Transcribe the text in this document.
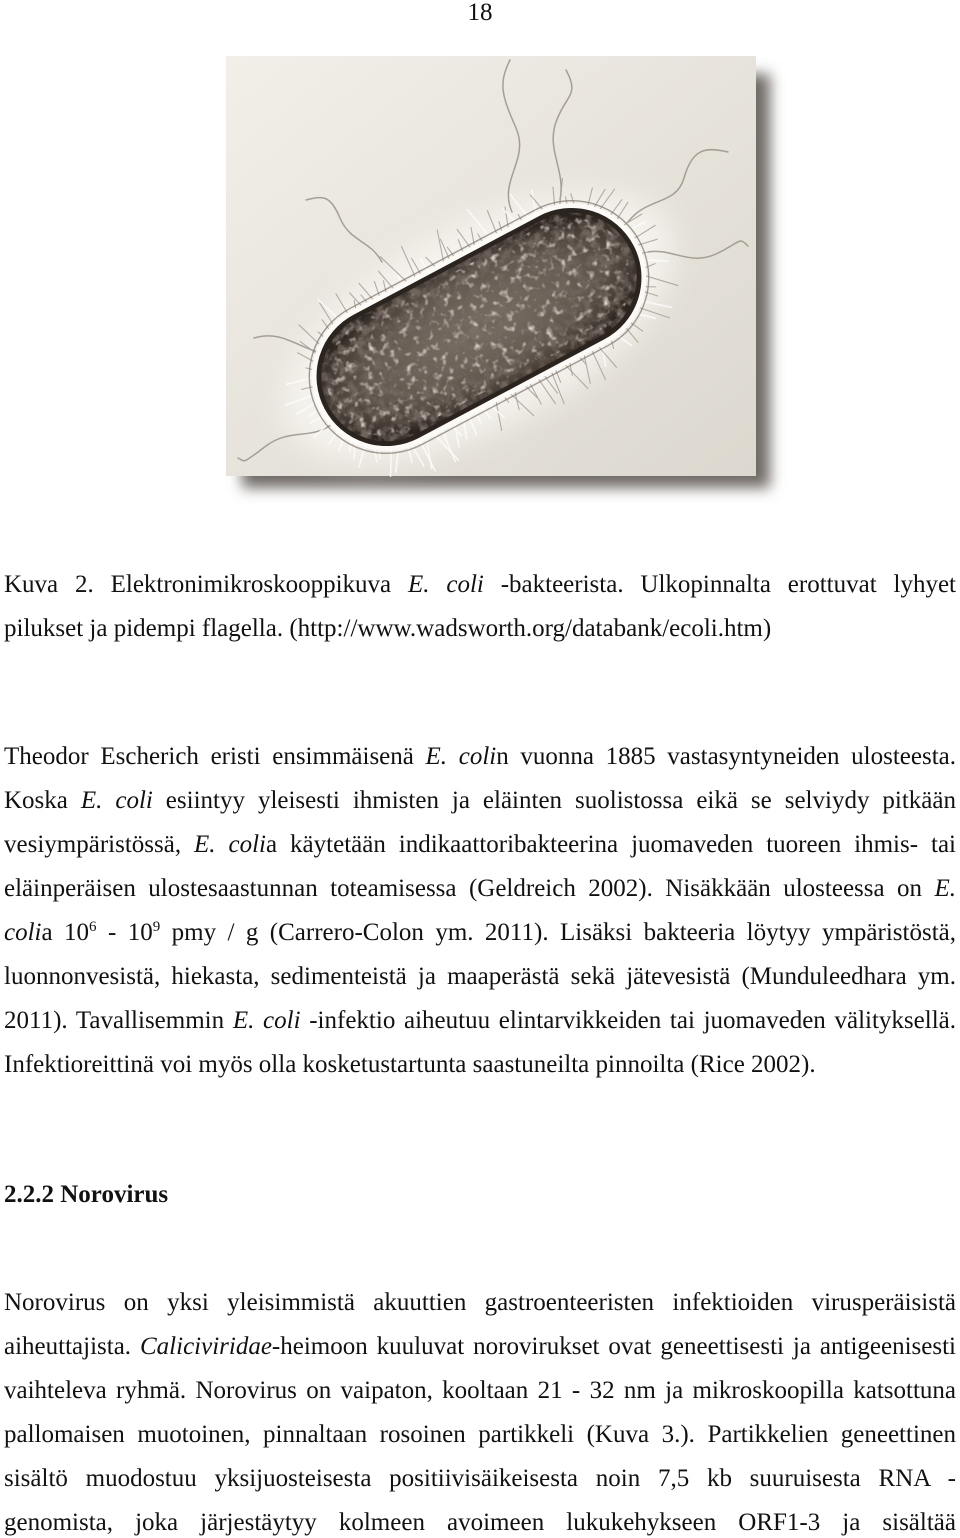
18
Kuva 2. Elektronimikroskooppikuva E. coli -bakteerista. Ulkopinnalta erottuvat lyhyet
pilukset ja pidempi flagella. (http://www.wadsworth.org/databank/ecoli.htm)
Theodor Escherich eristi ensimmäisenä E. colin vuonna 1885 vastasyntyneiden ulosteesta.
Koska E. coli esiintyy yleisesti ihmisten ja eläinten suolistossa eikä se selviydy pitkään
vesiympäristössä, E. colia käytetään indikaattoribakteerina juomaveden tuoreen ihmis- tai
eläinperäisen ulostesaastunnan toteamisessa (Geldreich 2002). Nisäkkään ulosteessa on E.
colia $10^6 - 10^9$ pmy / g (Carrero-Colon ym. 2011). Lisäksi bakteeria löytyy ympäristöstä,
luonnonvesistä, hiekasta, sedimenteistä ja maaperästä sekä jätevesistä (Munduleedhara ym.
2011). Tavallisemmin E. coli -infektio aiheutuu elintarvikkeiden tai juomaveden välityksellä.
Infektioreittinä voi myös olla kosketustartunta saastuneilta pinnoilta (Rice 2002).
2.2.2 Norovirus
Norovirus on yksi yleisimmistä akuuttien gastroenteeristen infektioiden virusperäisistä
aiheuttajista. Caliciviridae-heimoon kuuluvat norovirukset ovat geneettisesti ja antigeenisesti
vaihteleva ryhmä. Norovirus on vaipaton, kooltaan 21 - 32 nm ja mikroskoopilla katsottuna
pallomaisen muotoinen, pinnaltaan rosoinen partikkeli (Kuva 3.). Partikkelien geneettinen
sisältö muodostuu yksijuosteisesta positiivisäikeisesta noin 7,5 kb suuruisesta RNA -
genomista, joka järjestäytyy kolmeen avoimeen lukukehykseen ORF1-3 ja sisältää
